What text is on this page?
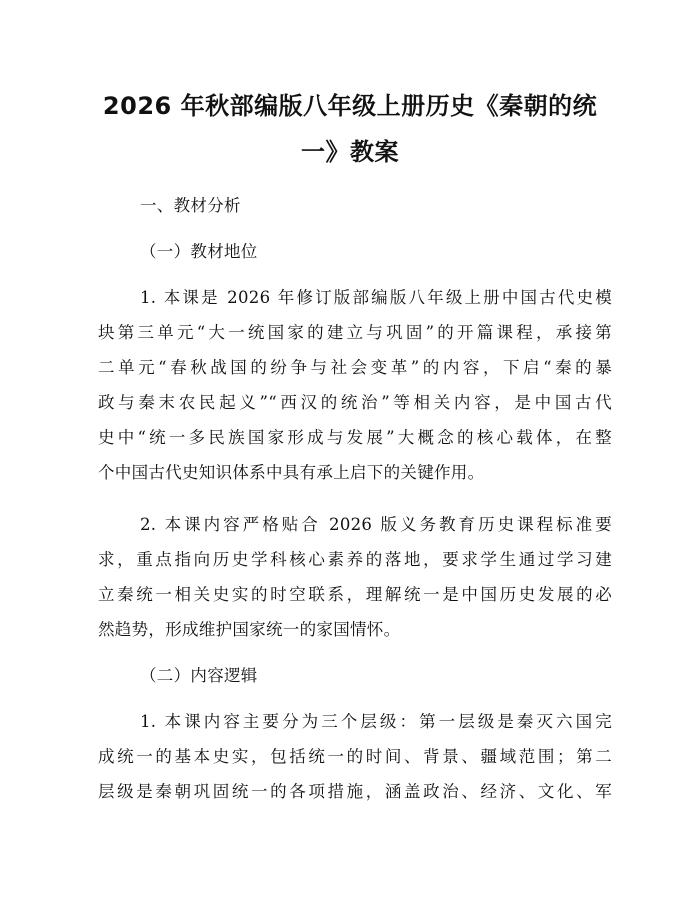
2026 年秋部编版八年级上册历史《秦朝的统
一》教案
一、教材分析
（一）教材地位
1. 本课是 2026 年修订版部编版八年级上册中国古代史模
块第三单元“大一统国家的建立与巩固”的开篇课程，承接第
二单元“春秋战国的纷争与社会变革”的内容，下启“秦的暴
政与秦末农民起义”“西汉的统治”等相关内容，是中国古代
史中“统一多民族国家形成与发展”大概念的核心载体，在整
个中国古代史知识体系中具有承上启下的关键作用。
2. 本课内容严格贴合 2026 版义务教育历史课程标准要
求，重点指向历史学科核心素养的落地，要求学生通过学习建
立秦统一相关史实的时空联系，理解统一是中国历史发展的必
然趋势，形成维护国家统一的家国情怀。
（二）内容逻辑
1. 本课内容主要分为三个层级：第一层级是秦灭六国完
成统一的基本史实，包括统一的时间、背景、疆域范围；第二
层级是秦朝巩固统一的各项措施，涵盖政治、经济、文化、军
